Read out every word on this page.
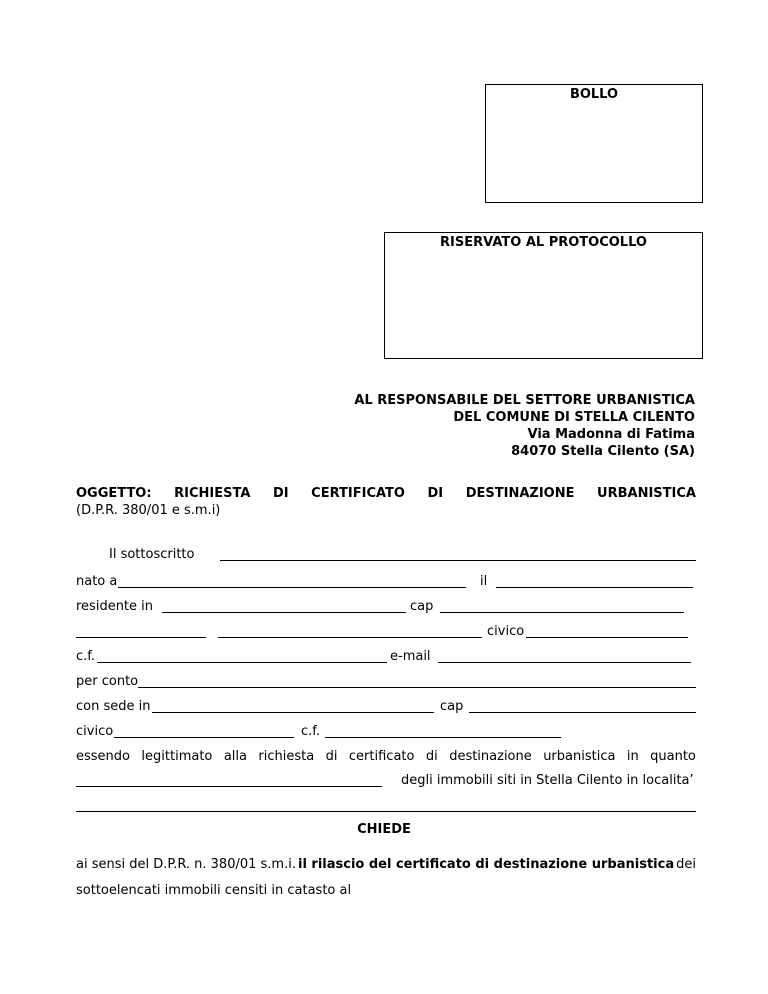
BOLLO
RISERVATO AL PROTOCOLLO
AL RESPONSABILE DEL SETTORE URBANISTICA
DEL COMUNE DI STELLA CILENTO
Via Madonna di Fatima
84070 Stella Cilento (SA)
OGGETTO: RICHIESTA DI CERTIFICATO DI DESTINAZIONE URBANISTICA
(D.P.R. 380/01 e s.m.i)
Il sottoscritto
nato a	il
residente in	cap
civico
c.f.	e-mail
per conto
con sede in	cap
civico	c.f.
essendo legittimato alla richiesta di certificato di destinazione urbanistica in quanto
degli immobili siti in Stella Cilento in localita’
CHIEDE
ai sensi del D.P.R. n. 380/01 s.m.i. il rilascio del certificato di destinazione urbanistica dei
sottoelencati immobili censiti in catasto al
